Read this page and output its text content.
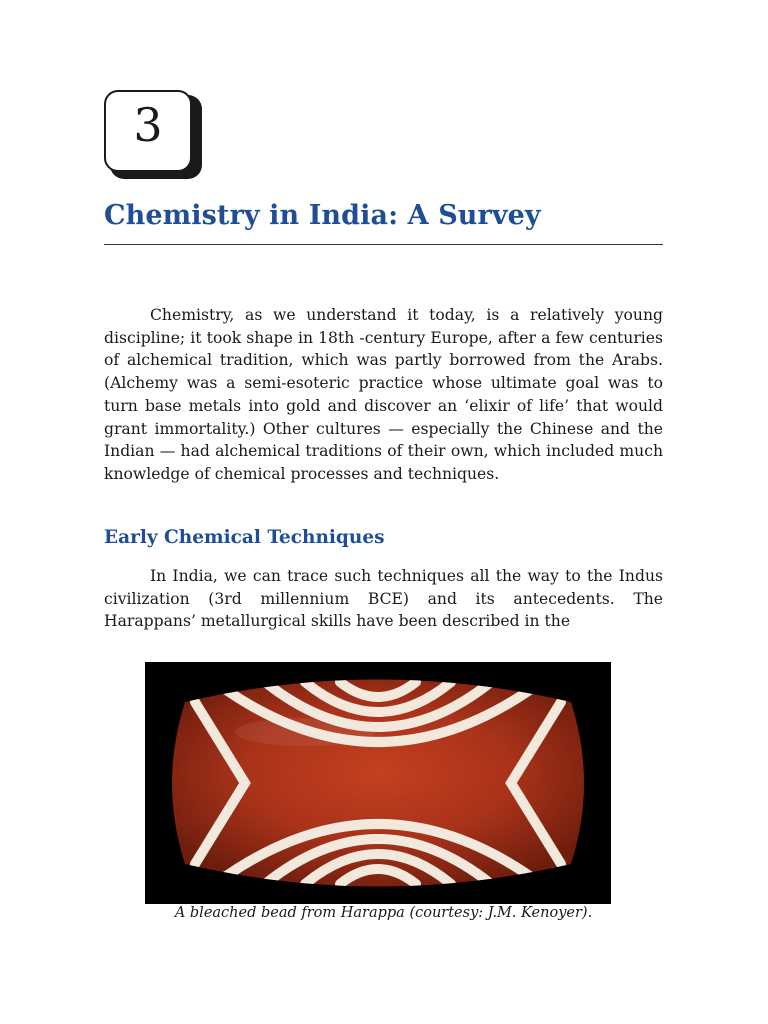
3
Chemistry in India: A Survey

Chemistry, as we understand it today, is a relatively young discipline; it took shape in 18th -century Europe, after a few centuries of alchemical tradition, which was partly borrowed from the Arabs. (Alchemy was a semi-esoteric practice whose ultimate goal was to turn base metals into gold and discover an ‘elixir of life’ that would grant immortality.) Other cultures — especially the Chinese and the Indian — had alchemical traditions of their own, which included much knowledge of chemical processes and techniques.

Early Chemical Techniques

In India, we can trace such techniques all the way to the Indus civilization (3rd millennium BCE) and its antecedents. The Harappans’ metallurgical skills have been described in the

A bleached bead from Harappa (courtesy: J.M. Kenoyer).
